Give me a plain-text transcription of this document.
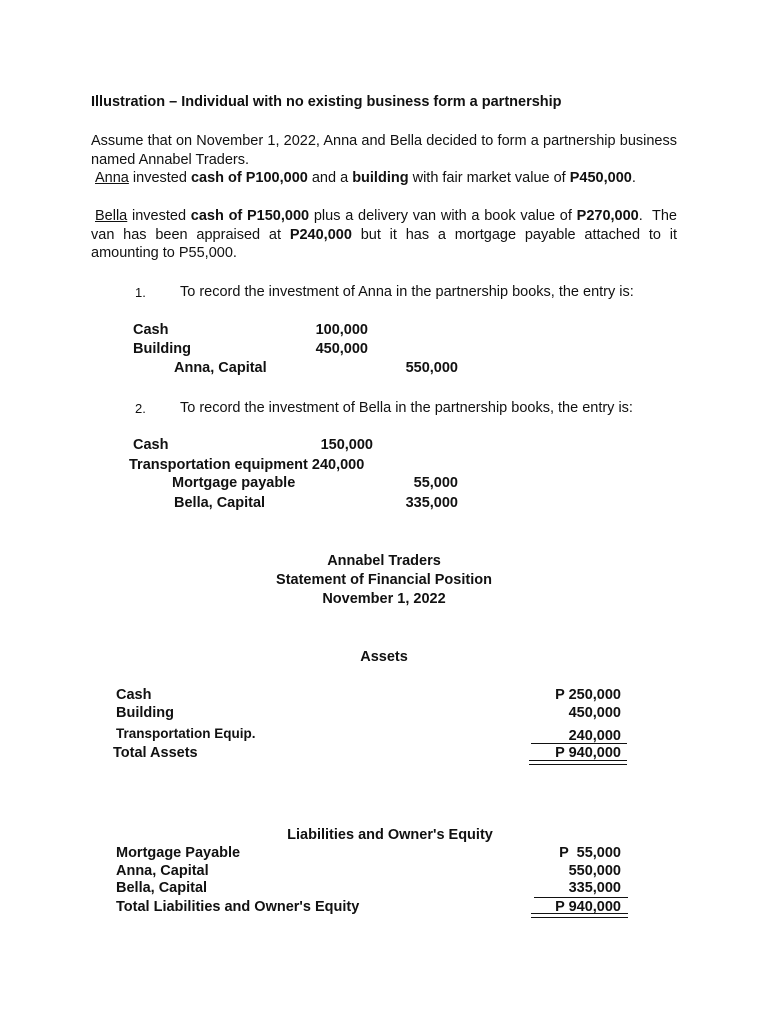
Illustration – Individual with no existing business form a partnership
Assume that on November 1, 2022, Anna and Bella decided to form a partnership business named Annabel Traders.
Anna invested cash of P100,000 and a building with fair market value of P450,000.
Bella invested cash of P150,000 plus a delivery van with a book value of P270,000.  The van has been appraised at P240,000 but it has a mortgage payable attached to it amounting to P55,000.
1. To record the investment of Anna in the partnership books, the entry is:
Cash	100,000
Building	450,000
Anna, Capital	550,000
2. To record the investment of Bella in the partnership books, the entry is:
Cash	150,000
Transportation equipment 240,000
Mortgage payable	55,000
Bella, Capital	335,000
Annabel Traders
Statement of Financial Position
November 1, 2022
Assets
Cash	P 250,000
Building	450,000
Transportation Equip.	240,000
Total Assets	P 940,000
Liabilities and Owner's Equity
Mortgage Payable	P  55,000
Anna, Capital	550,000
Bella, Capital	335,000
Total Liabilities and Owner's Equity	P 940,000
